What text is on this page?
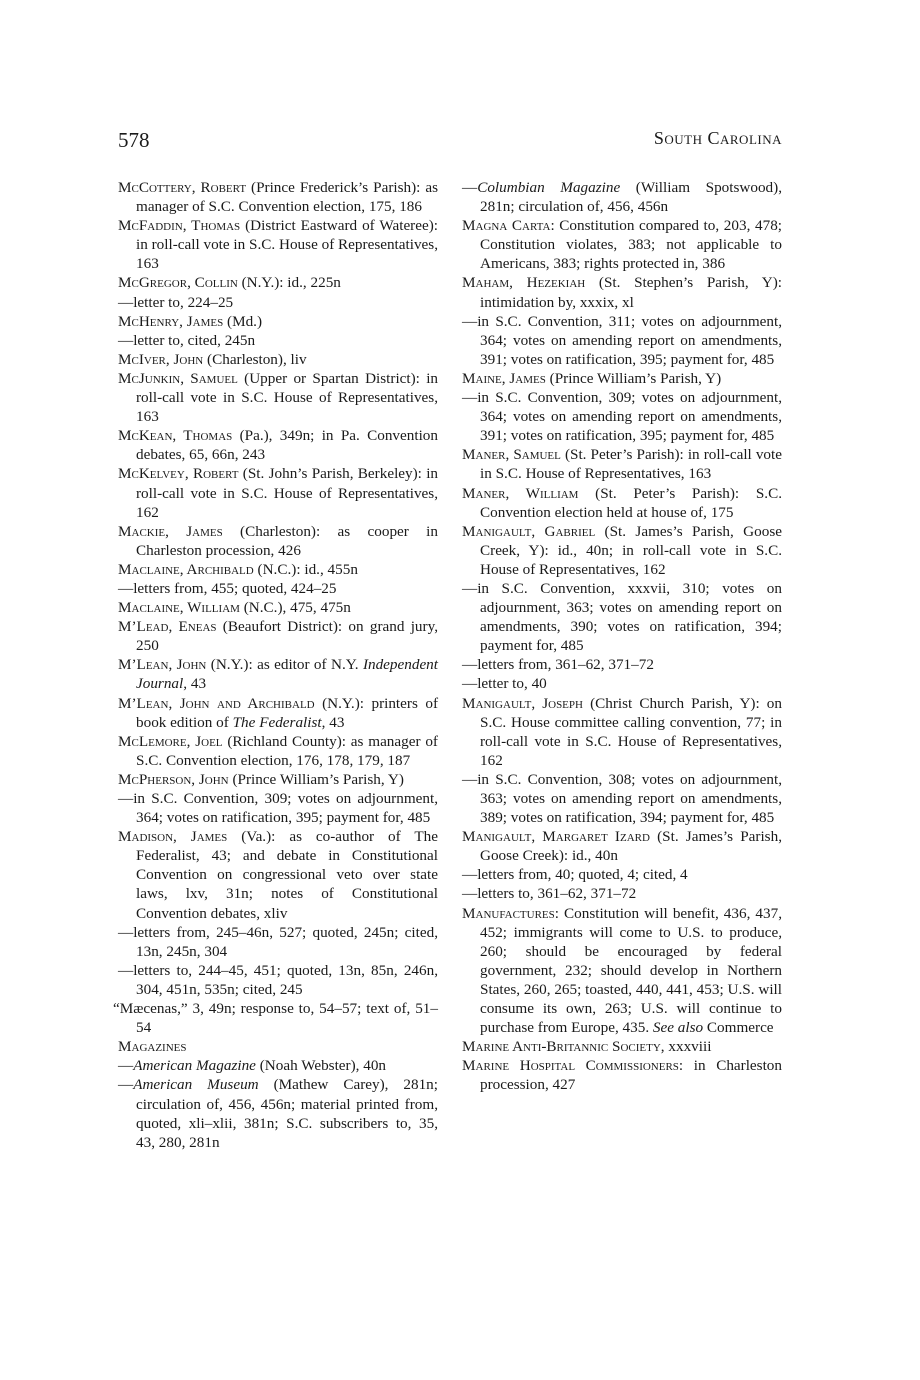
578	South Carolina

McCottery, Robert (Prince Frederick’s Parish): as manager of S.C. Convention election, 175, 186

McFaddin, Thomas (District Eastward of Wateree): in roll-call vote in S.C. House of Representatives, 163

McGregor, Collin (N.Y.): id., 225n

—letter to, 224–25

McHenry, James (Md.)

—letter to, cited, 245n

McIver, John (Charleston), liv

McJunkin, Samuel (Upper or Spartan District): in roll-call vote in S.C. House of Representatives, 163

McKean, Thomas (Pa.), 349n; in Pa. Convention debates, 65, 66n, 243

McKelvey, Robert (St. John’s Parish, Berkeley): in roll-call vote in S.C. House of Representatives, 162

Mackie, James (Charleston): as cooper in Charleston procession, 426

Maclaine, Archibald (N.C.): id., 455n

—letters from, 455; quoted, 424–25

Maclaine, William (N.C.), 475, 475n

M’Lead, Eneas (Beaufort District): on grand jury, 250

M’Lean, John (N.Y.): as editor of N.Y. Independent Journal, 43

M’Lean, John and Archibald (N.Y.): printers of book edition of The Federalist, 43

McLemore, Joel (Richland County): as manager of S.C. Convention election, 176, 178, 179, 187

McPherson, John (Prince William’s Parish, Y)

—in S.C. Convention, 309; votes on adjournment, 364; votes on ratification, 395; payment for, 485

Madison, James (Va.): as co-author of The Federalist, 43; and debate in Constitutional Convention on congressional veto over state laws, lxv, 31n; notes of Constitutional Convention debates, xliv

—letters from, 245–46n, 527; quoted, 245n; cited, 13n, 245n, 304

—letters to, 244–45, 451; quoted, 13n, 85n, 246n, 304, 451n, 535n; cited, 245

“Mæcenas,” 3, 49n; response to, 54–57; text of, 51–54

Magazines

—American Magazine (Noah Webster), 40n

—American Museum (Mathew Carey), 281n; circulation of, 456, 456n; material printed from, quoted, xli–xlii, 381n; S.C. subscribers to, 35, 43, 280, 281n

—Columbian Magazine (William Spotswood), 281n; circulation of, 456, 456n

Magna Carta: Constitution compared to, 203, 478; Constitution violates, 383; not applicable to Americans, 383; rights protected in, 386

Maham, Hezekiah (St. Stephen’s Parish, Y): intimidation by, xxxix, xl

—in S.C. Convention, 311; votes on adjournment, 364; votes on amending report on amendments, 391; votes on ratification, 395; payment for, 485

Maine, James (Prince William’s Parish, Y)

—in S.C. Convention, 309; votes on adjournment, 364; votes on amending report on amendments, 391; votes on ratification, 395; payment for, 485

Maner, Samuel (St. Peter’s Parish): in roll-call vote in S.C. House of Representatives, 163

Maner, William (St. Peter’s Parish): S.C. Convention election held at house of, 175

Manigault, Gabriel (St. James’s Parish, Goose Creek, Y): id., 40n; in roll-call vote in S.C. House of Representatives, 162

—in S.C. Convention, xxxvii, 310; votes on adjournment, 363; votes on amending report on amendments, 390; votes on ratification, 394; payment for, 485

—letters from, 361–62, 371–72

—letter to, 40

Manigault, Joseph (Christ Church Parish, Y): on S.C. House committee calling convention, 77; in roll-call vote in S.C. House of Representatives, 162

—in S.C. Convention, 308; votes on adjournment, 363; votes on amending report on amendments, 389; votes on ratification, 394; payment for, 485

Manigault, Margaret Izard (St. James’s Parish, Goose Creek): id., 40n

—letters from, 40; quoted, 4; cited, 4

—letters to, 361–62, 371–72

Manufactures: Constitution will benefit, 436, 437, 452; immigrants will come to U.S. to produce, 260; should be encouraged by federal government, 232; should develop in Northern States, 260, 265; toasted, 440, 441, 453; U.S. will consume its own, 263; U.S. will continue to purchase from Europe, 435. See also Commerce

Marine Anti-Britannic Society, xxxviii

Marine Hospital Commissioners: in Charleston procession, 427
